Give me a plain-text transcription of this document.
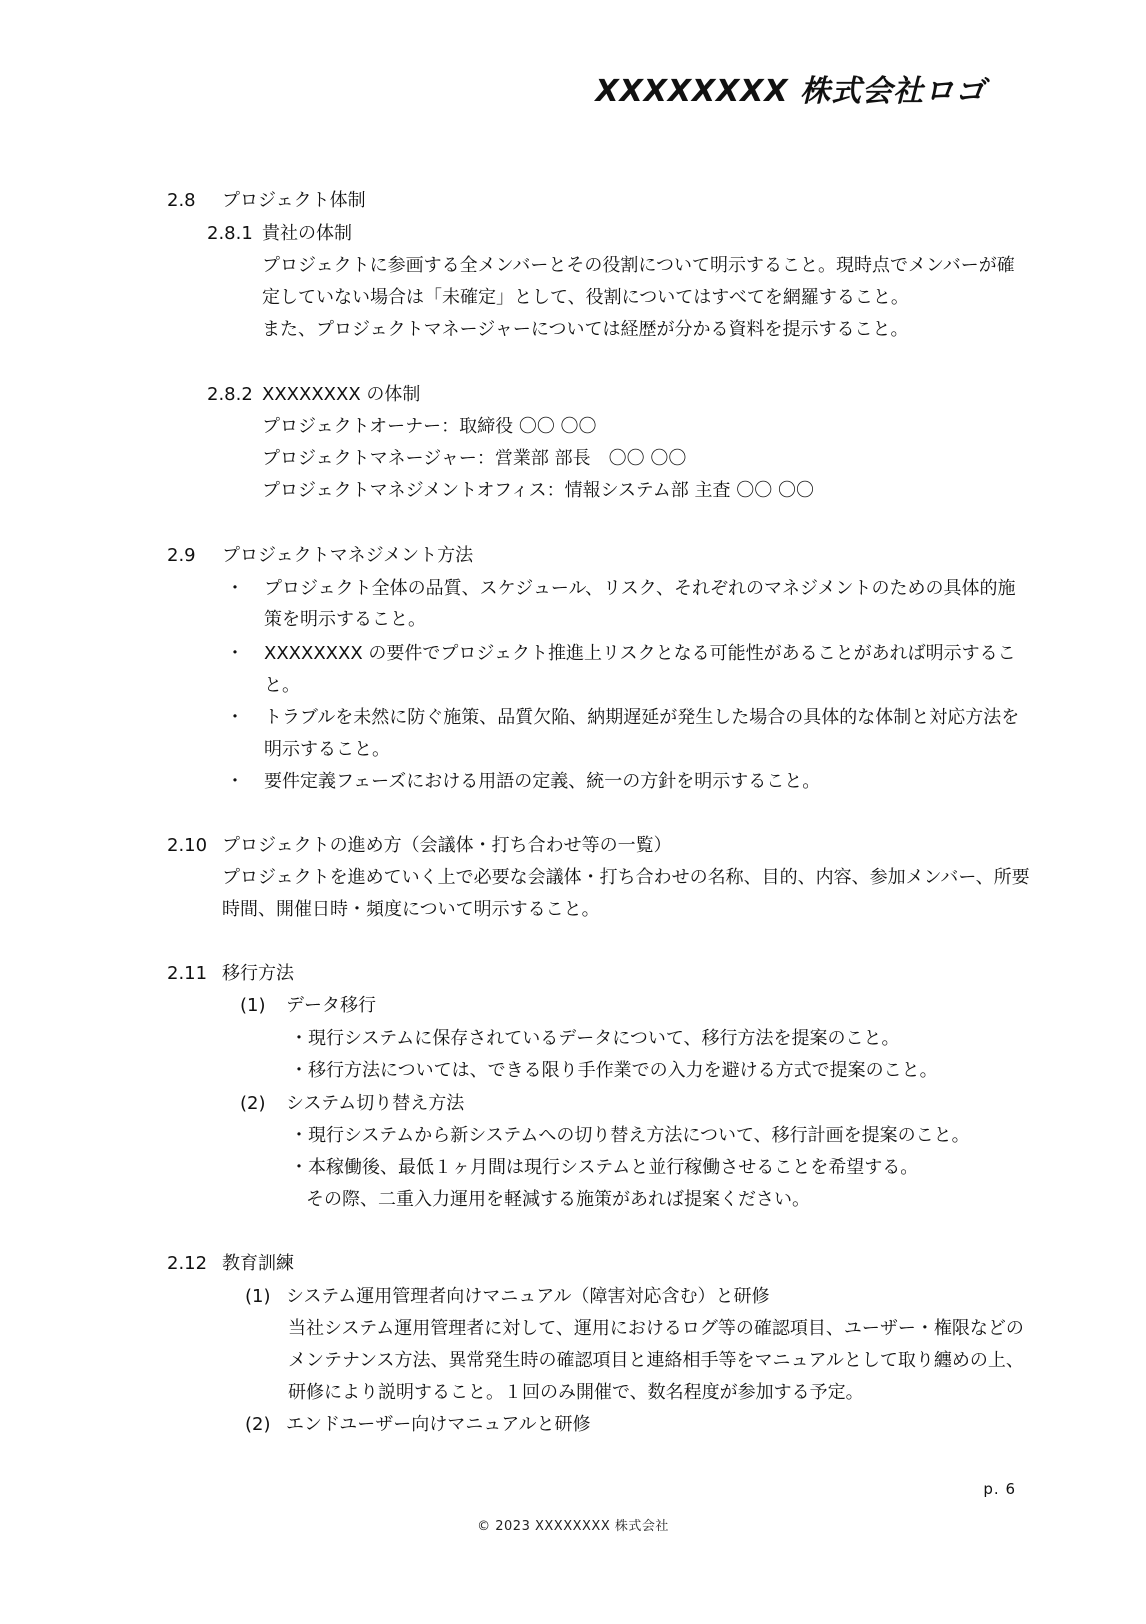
XXXXXXXX 株式会社ロゴ
2.8 プロジェクト体制
2.8.1 貴社の体制
プロジェクトに参画する全メンバーとその役割について明示すること。現時点でメンバーが確
定していない場合は「未確定」として、役割についてはすべてを網羅すること。
また、プロジェクトマネージャーについては経歴が分かる資料を提示すること。
2.8.2 XXXXXXXX の体制
プロジェクトオーナー：取締役 〇〇 〇〇
プロジェクトマネージャー：営業部 部長　〇〇 〇〇
プロジェクトマネジメントオフィス：情報システム部 主査 〇〇 〇〇
2.9 プロジェクトマネジメント方法
・ プロジェクト全体の品質、スケジュール、リスク、それぞれのマネジメントのための具体的施
策を明示すること。
・ XXXXXXXX の要件でプロジェクト推進上リスクとなる可能性があることがあれば明示するこ
と。
・ トラブルを未然に防ぐ施策、品質欠陥、納期遅延が発生した場合の具体的な体制と対応方法を
明示すること。
・ 要件定義フェーズにおける用語の定義、統一の方針を明示すること。
2.10 プロジェクトの進め方（会議体・打ち合わせ等の一覧）
プロジェクトを進めていく上で必要な会議体・打ち合わせの名称、目的、内容、参加メンバー、所要
時間、開催日時・頻度について明示すること。
2.11 移行方法
(1) データ移行
・現行システムに保存されているデータについて、移行方法を提案のこと。
・移行方法については、できる限り手作業での入力を避ける方式で提案のこと。
(2) システム切り替え方法
・現行システムから新システムへの切り替え方法について、移行計画を提案のこと。
・本稼働後、最低１ヶ月間は現行システムと並行稼働させることを希望する。
その際、二重入力運用を軽減する施策があれば提案ください。
2.12 教育訓練
(1) システム運用管理者向けマニュアル（障害対応含む）と研修
当社システム運用管理者に対して、運用におけるログ等の確認項目、ユーザー・権限などの
メンテナンス方法、異常発生時の確認項目と連絡相手等をマニュアルとして取り纏めの上、
研修により説明すること。１回のみ開催で、数名程度が参加する予定。
(2) エンドユーザー向けマニュアルと研修
p. 6
© 2023 XXXXXXXX 株式会社
